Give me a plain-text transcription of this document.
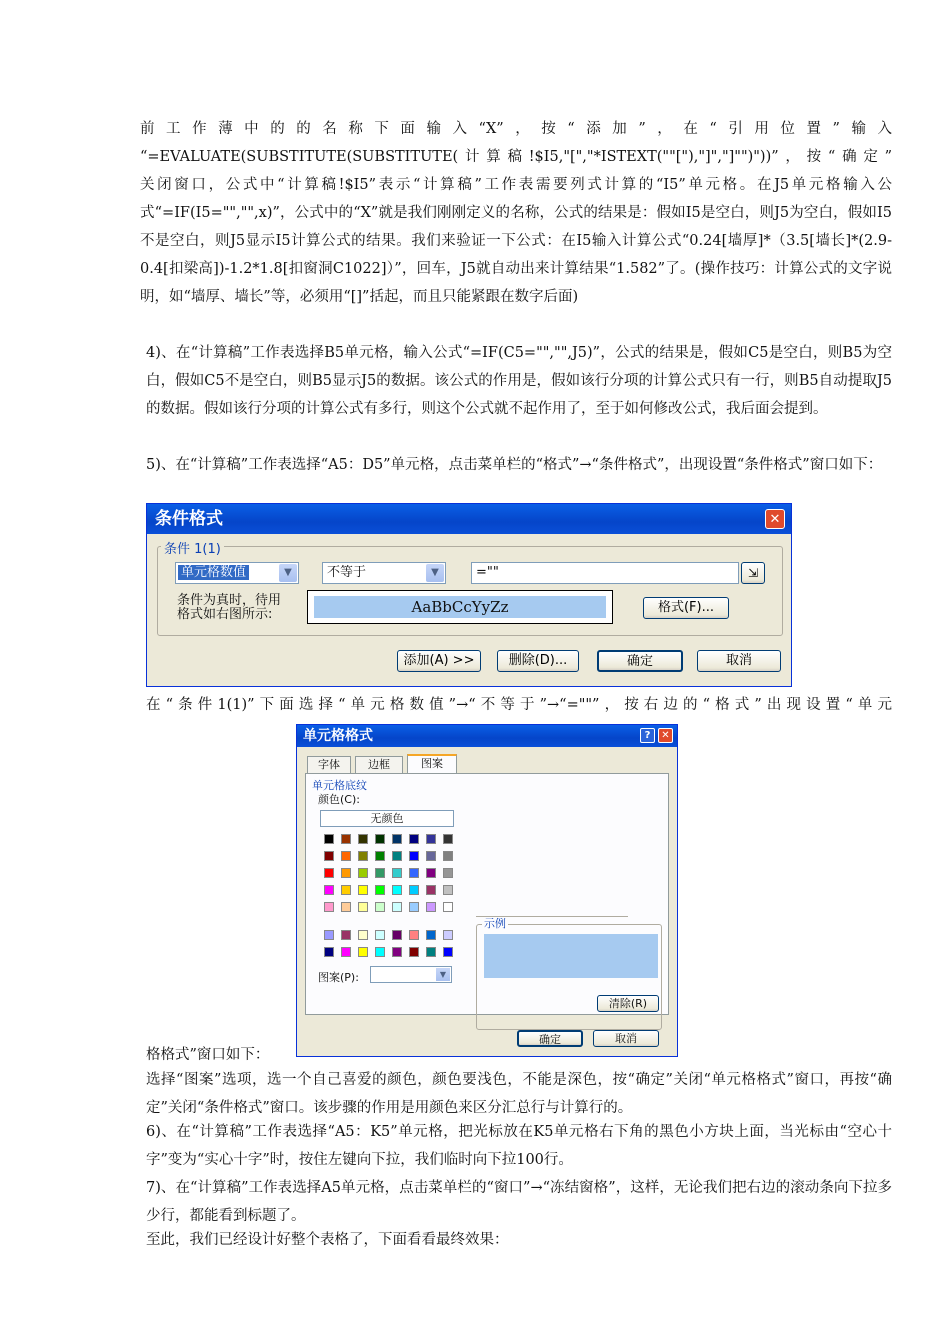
前工作薄中的的名称下面输入“X”，按“添加”，在“引用位置”输入

“=EVALUATE(SUBSTITUTE(SUBSTITUTE(计算稿!$I5,"[","*ISTEXT(""["),"]","]"")"))”，按“确定”

关闭窗口，公式中“计算稿!$I5”表示“计算稿”工作表需要列式计算的“I5”单元格。在J5单元格输入公式“=IF(I5="","",x)”，公式中的“X”就是我们刚刚定义的名称，公式的结果是：假如I5是空白，则J5为空白，假如I5不是空白，则J5显示I5计算公式的结果。我们来验证一下公式：在I5输入计算公式“0.24[墙厚]*（3.5[墙长]*(2.9-0.4[扣梁高])-1.2*1.8[扣窗洞C1022]）”，回车，J5就自动出来计算结果“1.582”了。(操作技巧：计算公式的文字说明，如“墙厚、墙长”等，必须用“[]”括起，而且只能紧跟在数字后面)

4)、在“计算稿”工作表选择B5单元格，输入公式“=IF(C5="","",J5)”，公式的结果是，假如C5是空白，则B5为空白，假如C5不是空白，则B5显示J5的数据。该公式的作用是，假如该行分项的计算公式只有一行，则B5自动提取J5的数据。假如该行分项的计算公式有多行，则这个公式就不起作用了，至于如何修改公式，我后面会提到。

5)、在“计算稿”工作表选择“A5：D5”单元格，点击菜单栏的“格式”→“条件格式”，出现设置“条件格式”窗口如下：

条件格式	✕
条件 1(1)
单元格数值	▼	不等于	▼	=""	⇲
条件为真时，待用
格式如右图所示:	AaBbCcYyZz	格式(F)...
添加(A) >>	删除(D)...	确定	取消

在“条件1(1)”下面选择“单元格数值”→“不等于”→“=""”，按右边的“格式”出现设置“单元

格格式”窗口如下：

单元格格式	?	✕
字体	边框	图案
单元格底纹
颜色(C):
无颜色
示例
图案(P):	▼
清除(R)
确定	取消

选择“图案”选项，选一个自己喜爱的颜色，颜色要浅色，不能是深色，按“确定”关闭“单元格格式”窗口，再按“确定”关闭“条件格式”窗口。该步骤的作用是用颜色来区分汇总行与计算行的。

6)、在“计算稿”工作表选择“A5：K5”单元格，把光标放在K5单元格右下角的黑色小方块上面，当光标由“空心十字”变为“实心十字”时，按住左键向下拉，我们临时向下拉100行。

7)、在“计算稿”工作表选择A5单元格，点击菜单栏的“窗口”→“冻结窗格”，这样，无论我们把右边的滚动条向下拉多少行，都能看到标题了。

至此，我们已经设计好整个表格了，下面看看最终效果：
